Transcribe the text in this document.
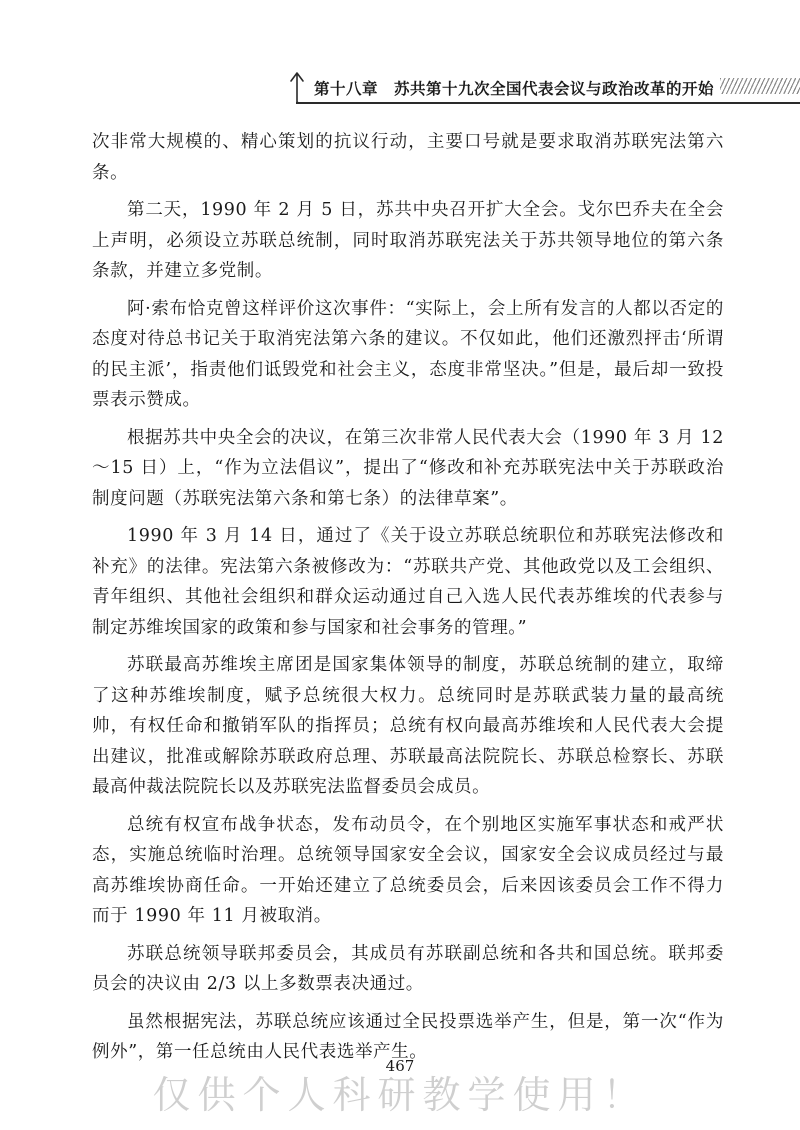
第十八章　苏共第十九次全国代表会议与政治改革的开始

次非常大规模的、精心策划的抗议行动，主要口号就是要求取消苏联宪法第六条。

第二天，1990 年 2 月 5 日，苏共中央召开扩大全会。戈尔巴乔夫在全会上声明，必须设立苏联总统制，同时取消苏联宪法关于苏共领导地位的第六条条款，并建立多党制。

阿·索布恰克曾这样评价这次事件：“实际上，会上所有发言的人都以否定的态度对待总书记关于取消宪法第六条的建议。不仅如此，他们还激烈抨击‘所谓的民主派’，指责他们诋毁党和社会主义，态度非常坚决。”但是，最后却一致投票表示赞成。

根据苏共中央全会的决议，在第三次非常人民代表大会（1990 年 3 月 12～15 日）上，“作为立法倡议”，提出了“修改和补充苏联宪法中关于苏联政治制度问题（苏联宪法第六条和第七条）的法律草案”。

1990 年 3 月 14 日，通过了《关于设立苏联总统职位和苏联宪法修改和补充》的法律。宪法第六条被修改为：“苏联共产党、其他政党以及工会组织、青年组织、其他社会组织和群众运动通过自己入选人民代表苏维埃的代表参与制定苏维埃国家的政策和参与国家和社会事务的管理。”

苏联最高苏维埃主席团是国家集体领导的制度，苏联总统制的建立，取缔了这种苏维埃制度，赋予总统很大权力。总统同时是苏联武装力量的最高统帅，有权任命和撤销军队的指挥员；总统有权向最高苏维埃和人民代表大会提出建议，批准或解除苏联政府总理、苏联最高法院院长、苏联总检察长、苏联最高仲裁法院院长以及苏联宪法监督委员会成员。

总统有权宣布战争状态，发布动员令，在个别地区实施军事状态和戒严状态，实施总统临时治理。总统领导国家安全会议，国家安全会议成员经过与最高苏维埃协商任命。一开始还建立了总统委员会，后来因该委员会工作不得力而于 1990 年 11 月被取消。

苏联总统领导联邦委员会，其成员有苏联副总统和各共和国总统。联邦委员会的决议由 2/3 以上多数票表决通过。

虽然根据宪法，苏联总统应该通过全民投票选举产生，但是，第一次“作为例外”，第一任总统由人民代表选举产生。

467
仅供个人科研教学使用！
